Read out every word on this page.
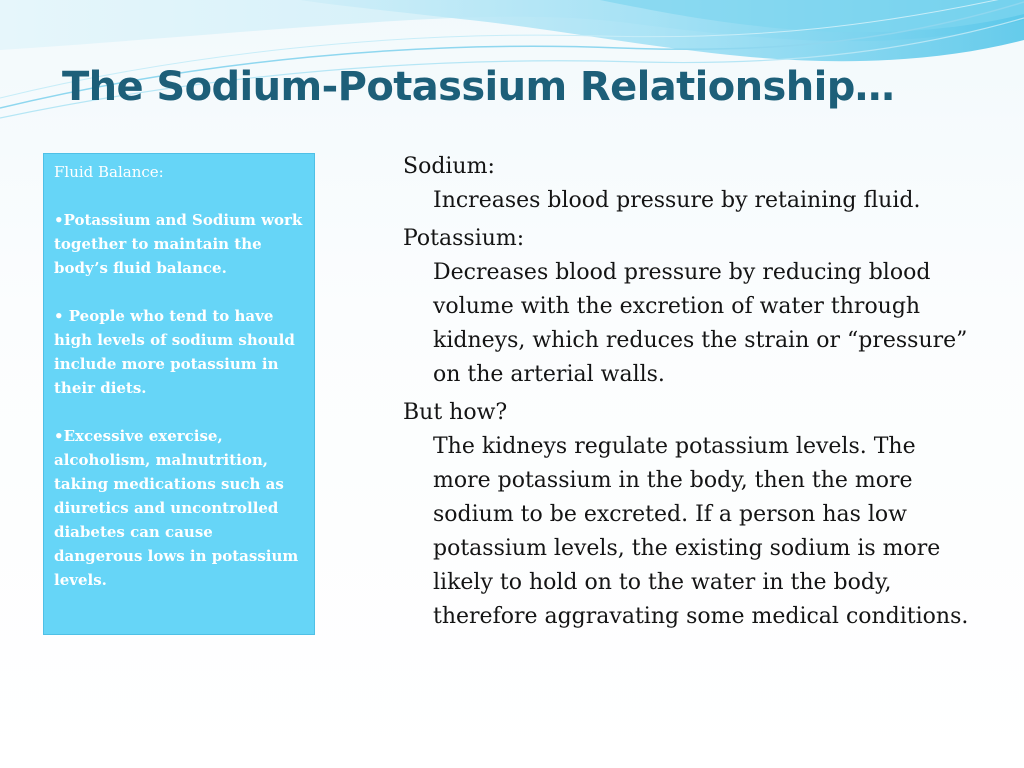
The Sodium-Potassium Relationship…

Fluid Balance:

•Potassium and Sodium work together to maintain the body’s fluid balance.

• People who tend to have high levels of sodium should include more potassium in their diets.

•Excessive exercise, alcoholism, malnutrition, taking medications such as diuretics and uncontrolled diabetes can cause dangerous lows in potassium levels.

Sodium:

Increases blood pressure by retaining fluid.

Potassium:

Decreases blood pressure by reducing blood volume with the excretion of water through kidneys, which reduces the strain or “pressure” on the arterial walls.

But how?

The kidneys regulate potassium levels. The more potassium in the body, then the more sodium to be excreted. If a person has low potassium levels, the existing sodium is more likely to hold on to the water in the body, therefore aggravating some medical conditions.
